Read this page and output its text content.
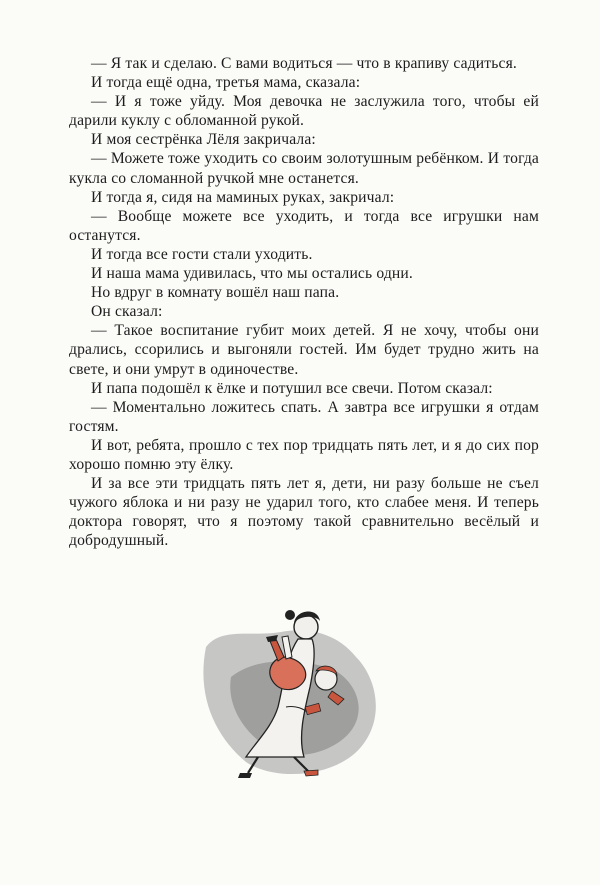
— Я так и сделаю. С вами водиться — что в крапиву садиться.

И тогда ещё одна, третья мама, сказала:

— И я тоже уйду. Моя девочка не заслужила того, чтобы ей дарили куклу с обломанной рукой.

И моя сестрёнка Лёля закричала:

— Можете тоже уходить со своим золотушным ребёнком. И тогда кукла со сломанной ручкой мне останется.

И тогда я, сидя на маминых руках, закричал:

— Вообще можете все уходить, и тогда все игрушки нам останутся.

И тогда все гости стали уходить.

И наша мама удивилась, что мы остались одни.

Но вдруг в комнату вошёл наш папа.

Он сказал:

— Такое воспитание губит моих детей. Я не хочу, чтобы они дрались, ссорились и выгоняли гостей. Им будет трудно жить на свете, и они умрут в одиночестве.

И папа подошёл к ёлке и потушил все свечи. Потом сказал:

— Моментально ложитесь спать. А завтра все игрушки я отдам гостям.

И вот, ребята, прошло с тех пор тридцать пять лет, и я до сих пор хорошо помню эту ёлку.

И за все эти тридцать пять лет я, дети, ни разу больше не съел чужого яблока и ни разу не ударил того, кто слабее меня. И теперь доктора говорят, что я поэтому такой сравнительно весёлый и добродушный.
